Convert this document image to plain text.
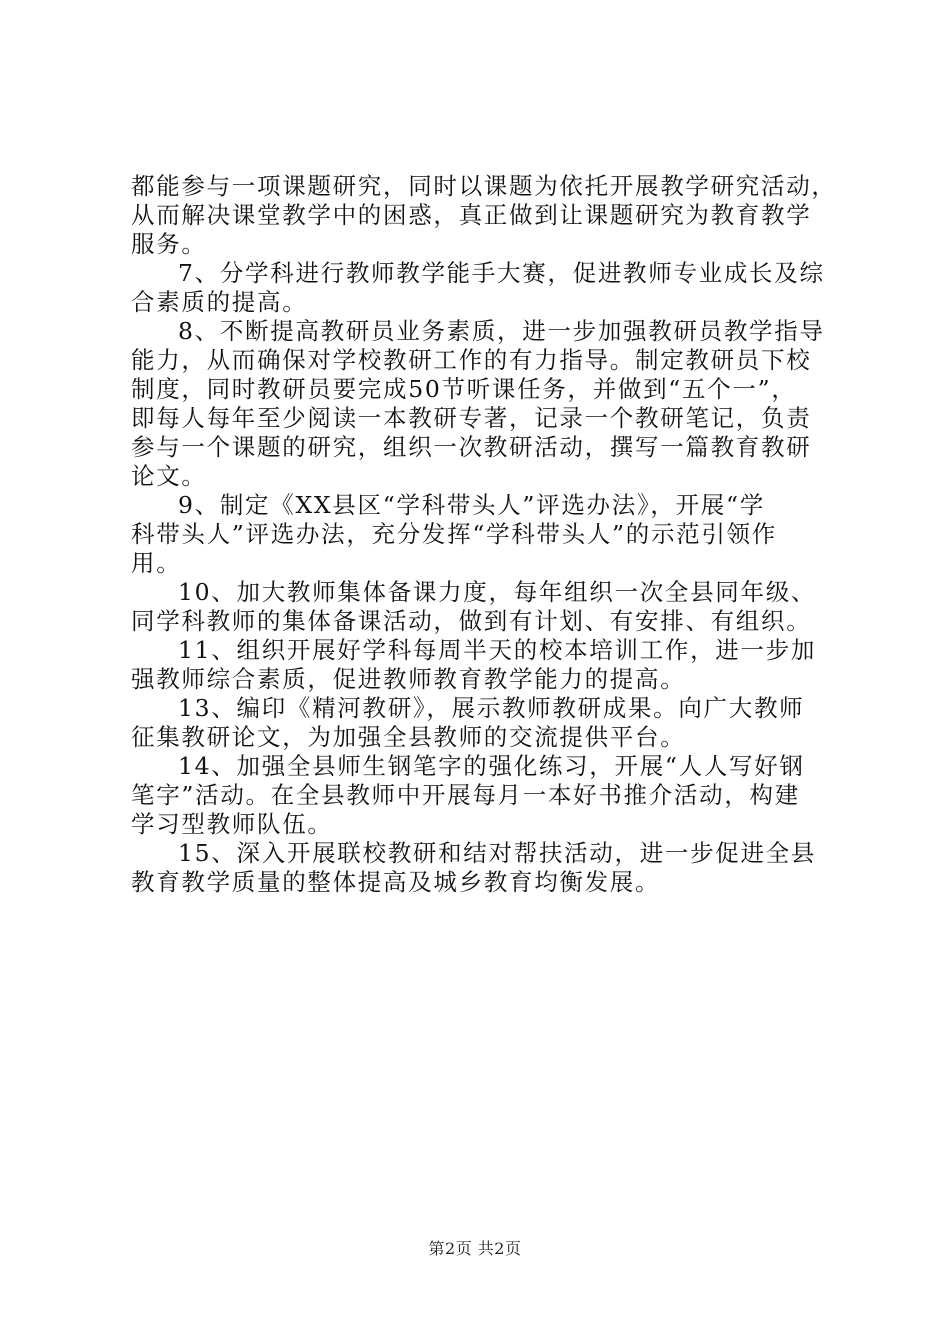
都能参与一项课题研究，同时以课题为依托开展教学研究活动，
从而解决课堂教学中的困惑，真正做到让课题研究为教育教学
服务。
7、分学科进行教师教学能手大赛，促进教师专业成长及综
合素质的提高。
8、不断提高教研员业务素质，进一步加强教研员教学指导
能力，从而确保对学校教研工作的有力指导。制定教研员下校
制度，同时教研员要完成50节听课任务，并做到“五个一”，
即每人每年至少阅读一本教研专著，记录一个教研笔记，负责
参与一个课题的研究，组织一次教研活动，撰写一篇教育教研
论文。
9、制定《XX县区“学科带头人”评选办法》，开展“学
科带头人”评选办法，充分发挥“学科带头人”的示范引领作
用。
10、加大教师集体备课力度，每年组织一次全县同年级、
同学科教师的集体备课活动，做到有计划、有安排、有组织。
11、组织开展好学科每周半天的校本培训工作，进一步加
强教师综合素质，促进教师教育教学能力的提高。
13、编印《精河教研》，展示教师教研成果。向广大教师
征集教研论文，为加强全县教师的交流提供平台。
14、加强全县师生钢笔字的强化练习，开展“人人写好钢
笔字”活动。在全县教师中开展每月一本好书推介活动，构建
学习型教师队伍。
15、深入开展联校教研和结对帮扶活动，进一步促进全县
教育教学质量的整体提高及城乡教育均衡发展。
第2页 共2页
